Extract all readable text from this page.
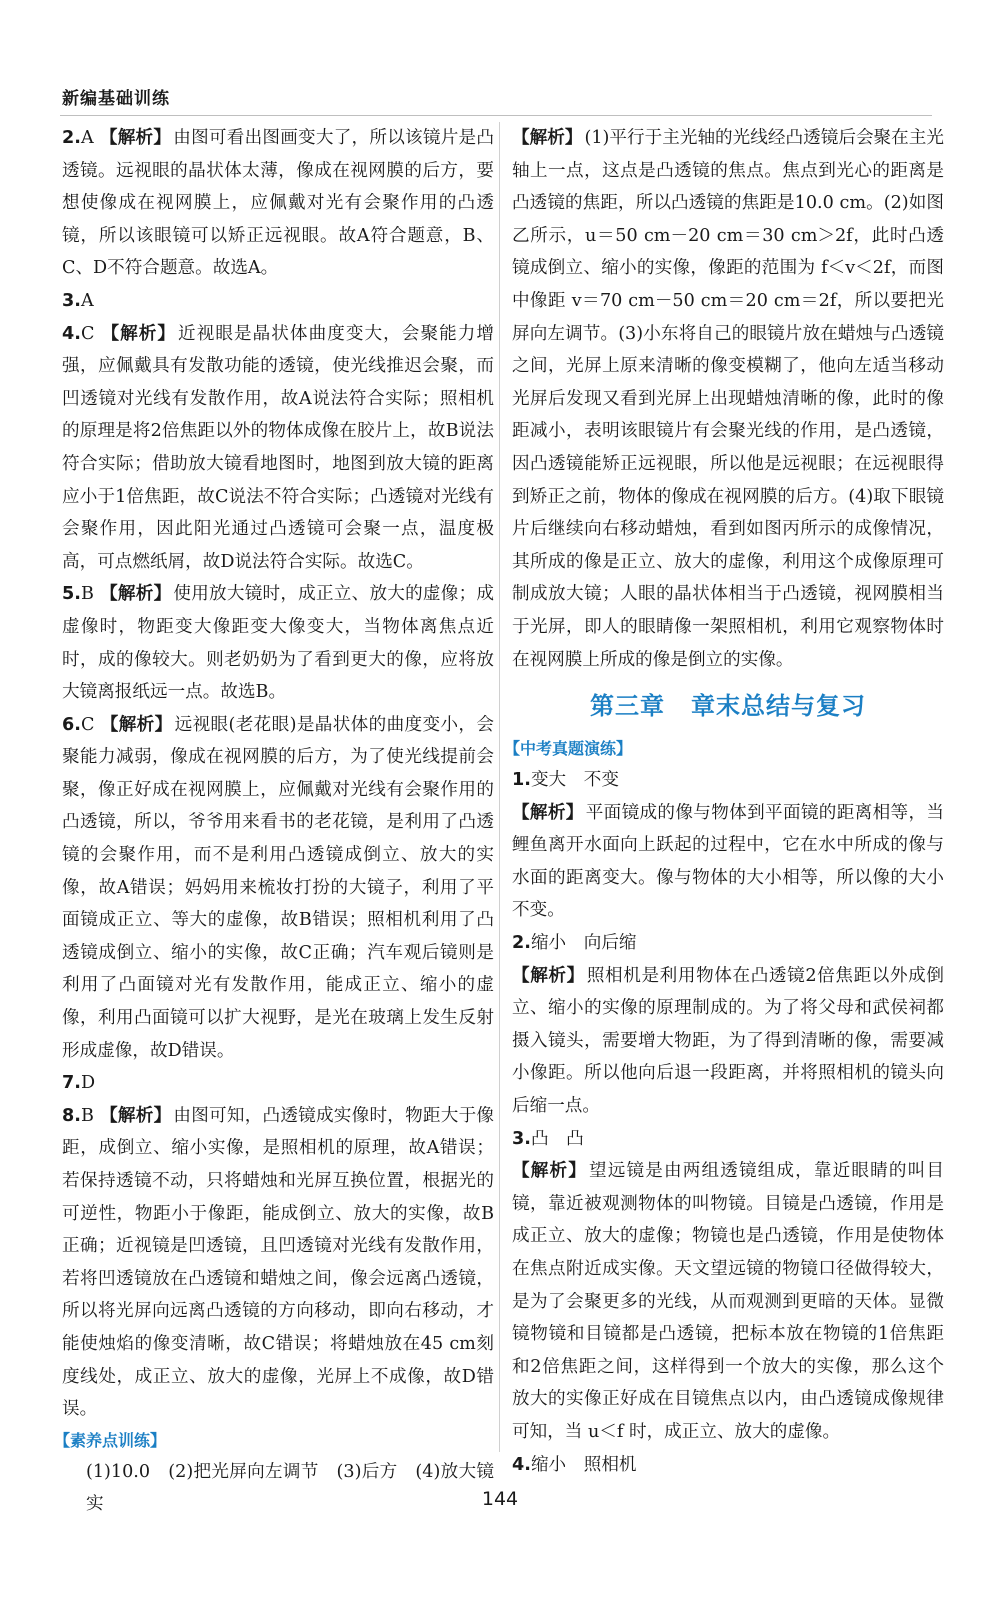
新编基础训练

2.A 【解析】 由图可看出图画变大了，所以该镜片是凸透镜。远视眼的晶状体太薄，像成在视网膜的后方，要想使像成在视网膜上，应佩戴对光有会聚作用的凸透镜，所以该眼镜可以矫正远视眼。故A符合题意，B、C、D不符合题意。故选A。

3.A

4.C 【解析】 近视眼是晶状体曲度变大，会聚能力增强，应佩戴具有发散功能的透镜，使光线推迟会聚，而凹透镜对光线有发散作用，故A说法符合实际；照相机的原理是将2倍焦距以外的物体成像在胶片上，故B说法符合实际；借助放大镜看地图时，地图到放大镜的距离应小于1倍焦距，故C说法不符合实际；凸透镜对光线有会聚作用，因此阳光通过凸透镜可会聚一点，温度极高，可点燃纸屑，故D说法符合实际。故选C。

5.B 【解析】 使用放大镜时，成正立、放大的虚像；成虚像时，物距变大像距变大像变大，当物体离焦点近时，成的像较大。则老奶奶为了看到更大的像，应将放大镜离报纸远一点。故选B。

6.C 【解析】 远视眼(老花眼)是晶状体的曲度变小，会聚能力减弱，像成在视网膜的后方，为了使光线提前会聚，像正好成在视网膜上，应佩戴对光线有会聚作用的凸透镜，所以，爷爷用来看书的老花镜，是利用了凸透镜的会聚作用，而不是利用凸透镜成倒立、放大的实像，故A错误；妈妈用来梳妆打扮的大镜子，利用了平面镜成正立、等大的虚像，故B错误；照相机利用了凸透镜成倒立、缩小的实像，故C正确；汽车观后镜则是利用了凸面镜对光有发散作用，能成正立、缩小的虚像，利用凸面镜可以扩大视野，是光在玻璃上发生反射形成虚像，故D错误。

7.D

8.B 【解析】 由图可知，凸透镜成实像时，物距大于像距，成倒立、缩小实像，是照相机的原理，故A错误；若保持透镜不动，只将蜡烛和光屏互换位置，根据光的可逆性，物距小于像距，能成倒立、放大的实像，故B正确；近视镜是凹透镜，且凹透镜对光线有发散作用，若将凹透镜放在凸透镜和蜡烛之间，像会远离凸透镜，所以将光屏向远离凸透镜的方向移动，即向右移动，才能使烛焰的像变清晰，故C错误；将蜡烛放在45 cm刻度线处，成正立、放大的虚像，光屏上不成像，故D错误。

【素养点训练】

(1)10.0　(2)把光屏向左调节　(3)后方　(4)放大镜　实

【解析】 (1)平行于主光轴的光线经凸透镜后会聚在主光轴上一点，这点是凸透镜的焦点。焦点到光心的距离是凸透镜的焦距，所以凸透镜的焦距是10.0 cm。(2)如图乙所示，u＝50 cm－20 cm＝30 cm＞2f，此时凸透镜成倒立、缩小的实像，像距的范围为 f＜v＜2f，而图中像距 v＝70 cm－50 cm＝20 cm＝2f，所以要把光屏向左调节。(3)小东将自己的眼镜片放在蜡烛与凸透镜之间，光屏上原来清晰的像变模糊了，他向左适当移动光屏后发现又看到光屏上出现蜡烛清晰的像，此时的像距减小，表明该眼镜片有会聚光线的作用，是凸透镜，因凸透镜能矫正远视眼，所以他是远视眼；在远视眼得到矫正之前，物体的像成在视网膜的后方。(4)取下眼镜片后继续向右移动蜡烛，看到如图丙所示的成像情况，其所成的像是正立、放大的虚像，利用这个成像原理可制成放大镜；人眼的晶状体相当于凸透镜，视网膜相当于光屏，即人的眼睛像一架照相机，利用它观察物体时在视网膜上所成的像是倒立的实像。

第三章 章末总结与复习
【中考真题演练】

1.变大　不变

【解析】 平面镜成的像与物体到平面镜的距离相等，当鲤鱼离开水面向上跃起的过程中，它在水中所成的像与水面的距离变大。像与物体的大小相等，所以像的大小不变。

2.缩小　向后缩

【解析】 照相机是利用物体在凸透镜2倍焦距以外成倒立、缩小的实像的原理制成的。为了将父母和武侯祠都摄入镜头，需要增大物距，为了得到清晰的像，需要减小像距。所以他向后退一段距离，并将照相机的镜头向后缩一点。

3.凸　凸

【解析】 望远镜是由两组透镜组成，靠近眼睛的叫目镜，靠近被观测物体的叫物镜。目镜是凸透镜，作用是成正立、放大的虚像；物镜也是凸透镜，作用是使物体在焦点附近成实像。天文望远镜的物镜口径做得较大，是为了会聚更多的光线，从而观测到更暗的天体。显微镜物镜和目镜都是凸透镜，把标本放在物镜的1倍焦距和2倍焦距之间，这样得到一个放大的实像，那么这个放大的实像正好成在目镜焦点以内，由凸透镜成像规律可知，当 u＜f 时，成正立、放大的虚像。

4.缩小　照相机

144
